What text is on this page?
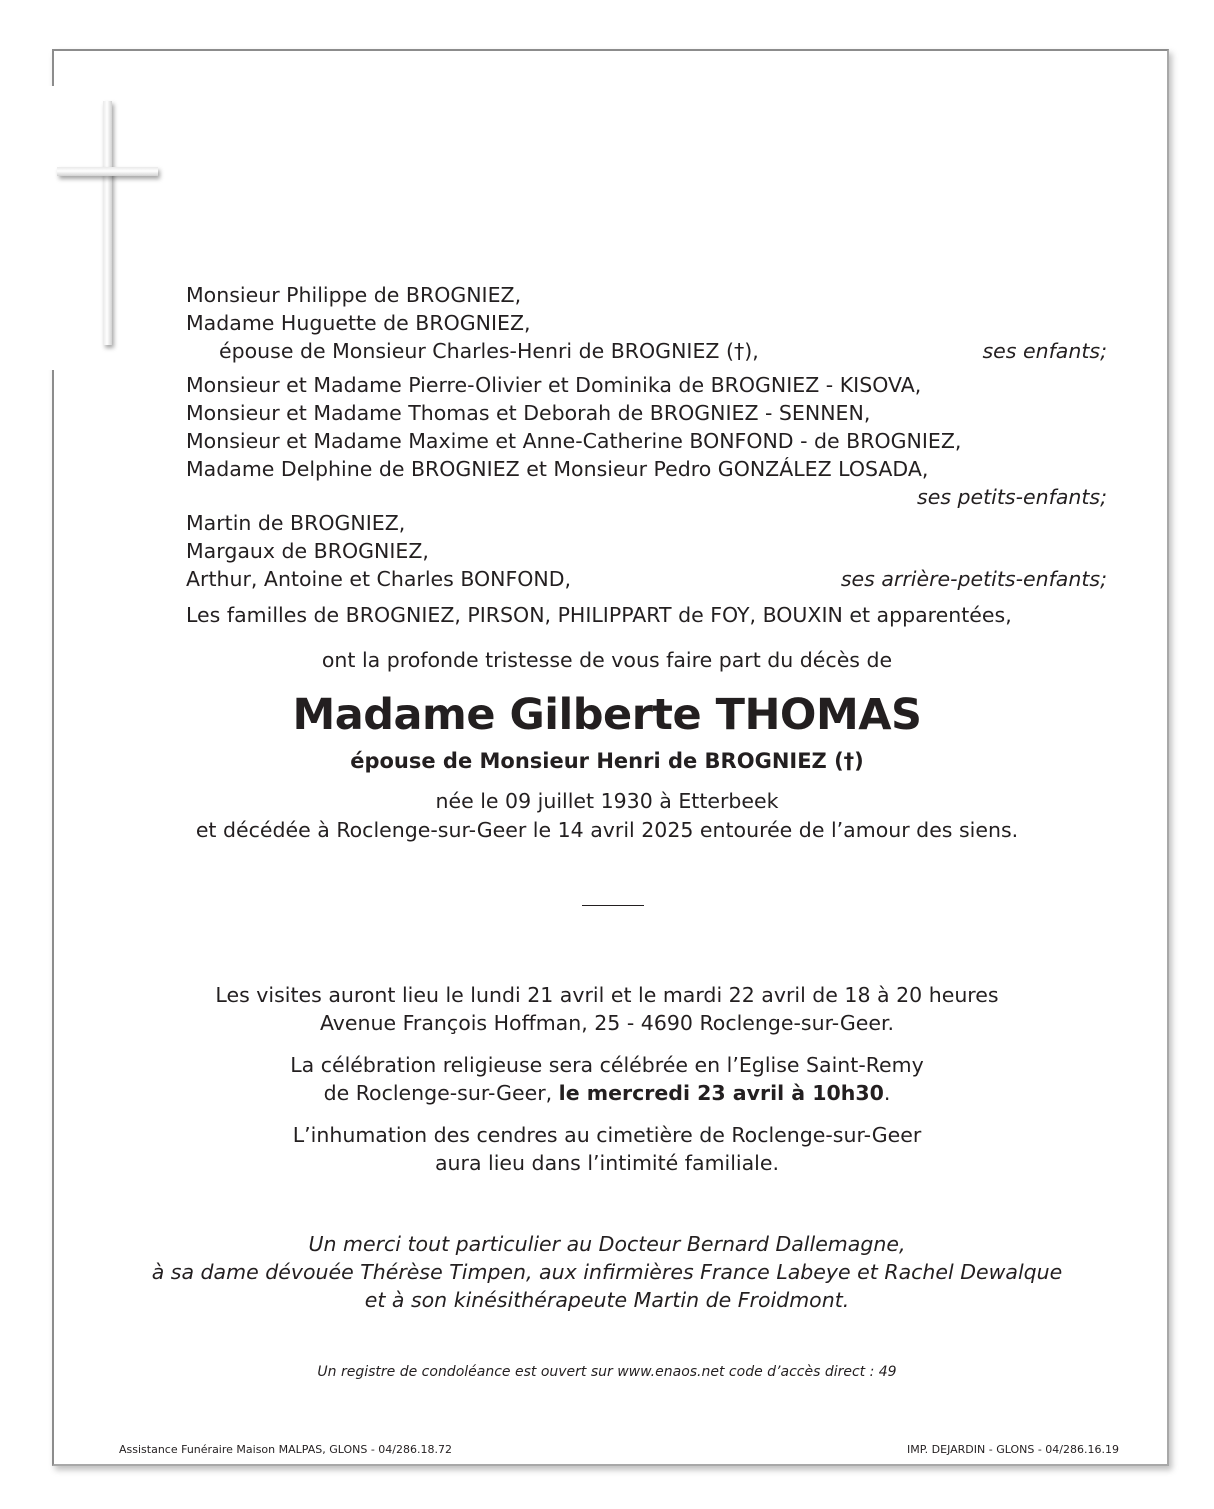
Monsieur Philippe de BROGNIEZ,
Madame Huguette de BROGNIEZ,
épouse de Monsieur Charles-Henri de BROGNIEZ (†),	ses enfants;
Monsieur et Madame Pierre-Olivier et Dominika de BROGNIEZ - KISOVA,
Monsieur et Madame Thomas et Deborah de BROGNIEZ - SENNEN,
Monsieur et Madame Maxime et Anne-Catherine BONFOND - de BROGNIEZ,
Madame Delphine de BROGNIEZ et Monsieur Pedro GONZÁLEZ LOSADA,
ses petits-enfants;
Martin de BROGNIEZ,
Margaux de BROGNIEZ,
Arthur, Antoine et Charles BONFOND,	ses arrière-petits-enfants;
Les familles de BROGNIEZ, PIRSON, PHILIPPART de FOY, BOUXIN et apparentées,
ont la profonde tristesse de vous faire part du décès de
Madame Gilberte THOMAS
épouse de Monsieur Henri de BROGNIEZ (†)
née le 09 juillet 1930 à Etterbeek
et décédée à Roclenge-sur-Geer le 14 avril 2025 entourée de l’amour des siens.
Les visites auront lieu le lundi 21 avril et le mardi 22 avril de 18 à 20 heures
Avenue François Hoffman, 25 - 4690 Roclenge-sur-Geer.
La célébration religieuse sera célébrée en l’Eglise Saint-Remy
de Roclenge-sur-Geer, le mercredi 23 avril à 10h30.
L’inhumation des cendres au cimetière de Roclenge-sur-Geer
aura lieu dans l’intimité familiale.
Un merci tout particulier au Docteur Bernard Dallemagne,
à sa dame dévouée Thérèse Timpen, aux infirmières France Labeye et Rachel Dewalque
et à son kinésithérapeute Martin de Froidmont.
Un registre de condoléance est ouvert sur www.enaos.net code d’accès direct : 49
Assistance Funéraire Maison MALPAS, GLONS - 04/286.18.72	IMP. DEJARDIN - GLONS - 04/286.16.19
